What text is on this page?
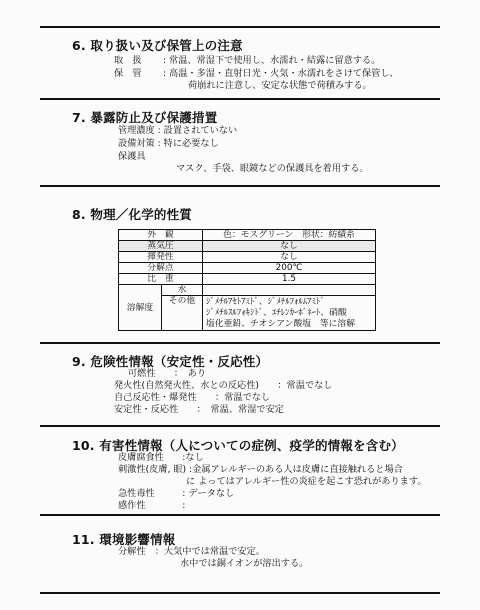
6. 取り扱い及び保管上の注意
取　扱 : 常温、常湿下で使用し、水濡れ・結露に留意する。
保　管 : 高温・多湿・直射日光・火気・水濡れをさけて保管し、
荷崩れに注意し、安定な状態で荷積みする。
7. 暴露防止及び保護措置
管理濃度 : 設置されていない
設備対策 : 特に必要なし
保護具
マスク、手袋、眼鏡などの保護具を着用する。
8. 物理／化学的性質
外　観		色：モスグリーン　形状：紡績糸
蒸気圧		なし
揮発性		なし
分解点		200℃
比　重		1.5
溶解度	水	
	その他	ｼﾞﾒﾁﾙｱｾﾄｱﾐﾄﾞ、ｼﾞﾒﾁﾙﾌｫﾙﾑｱﾐﾄﾞ
ｼﾞﾒﾁﾙｽﾙﾌｫｷｼﾄﾞ、ｴﾁﾚﾝｶｰﾎﾞﾈｰﾄ、硝酸
塩化亜鉛、チオシアン酸塩　等に溶解
9. 危険性情報（安定性・反応性）
可燃性　　：　あり
発火性(自然発火性、水との反応性)　　：常温でなし
自己反応性・爆発性　　：常温でなし
安定性・反応性　　：　常温、常湿で安定
10. 有害性情報（人についての症例、疫学的情報を含む）
皮膚腐食性　　:なし
刺激性(皮膚, 眼) :金属アレルギーのある人は皮膚に直接触れると場合
に よってはアレルギー性の炎症を起こす恐れがあります。
急性毒性　　　: データなし
感作性　　　　:
11. 環境影響情報
分解性　：大気中では常温で安定。
水中では銅イオンが溶出する。
